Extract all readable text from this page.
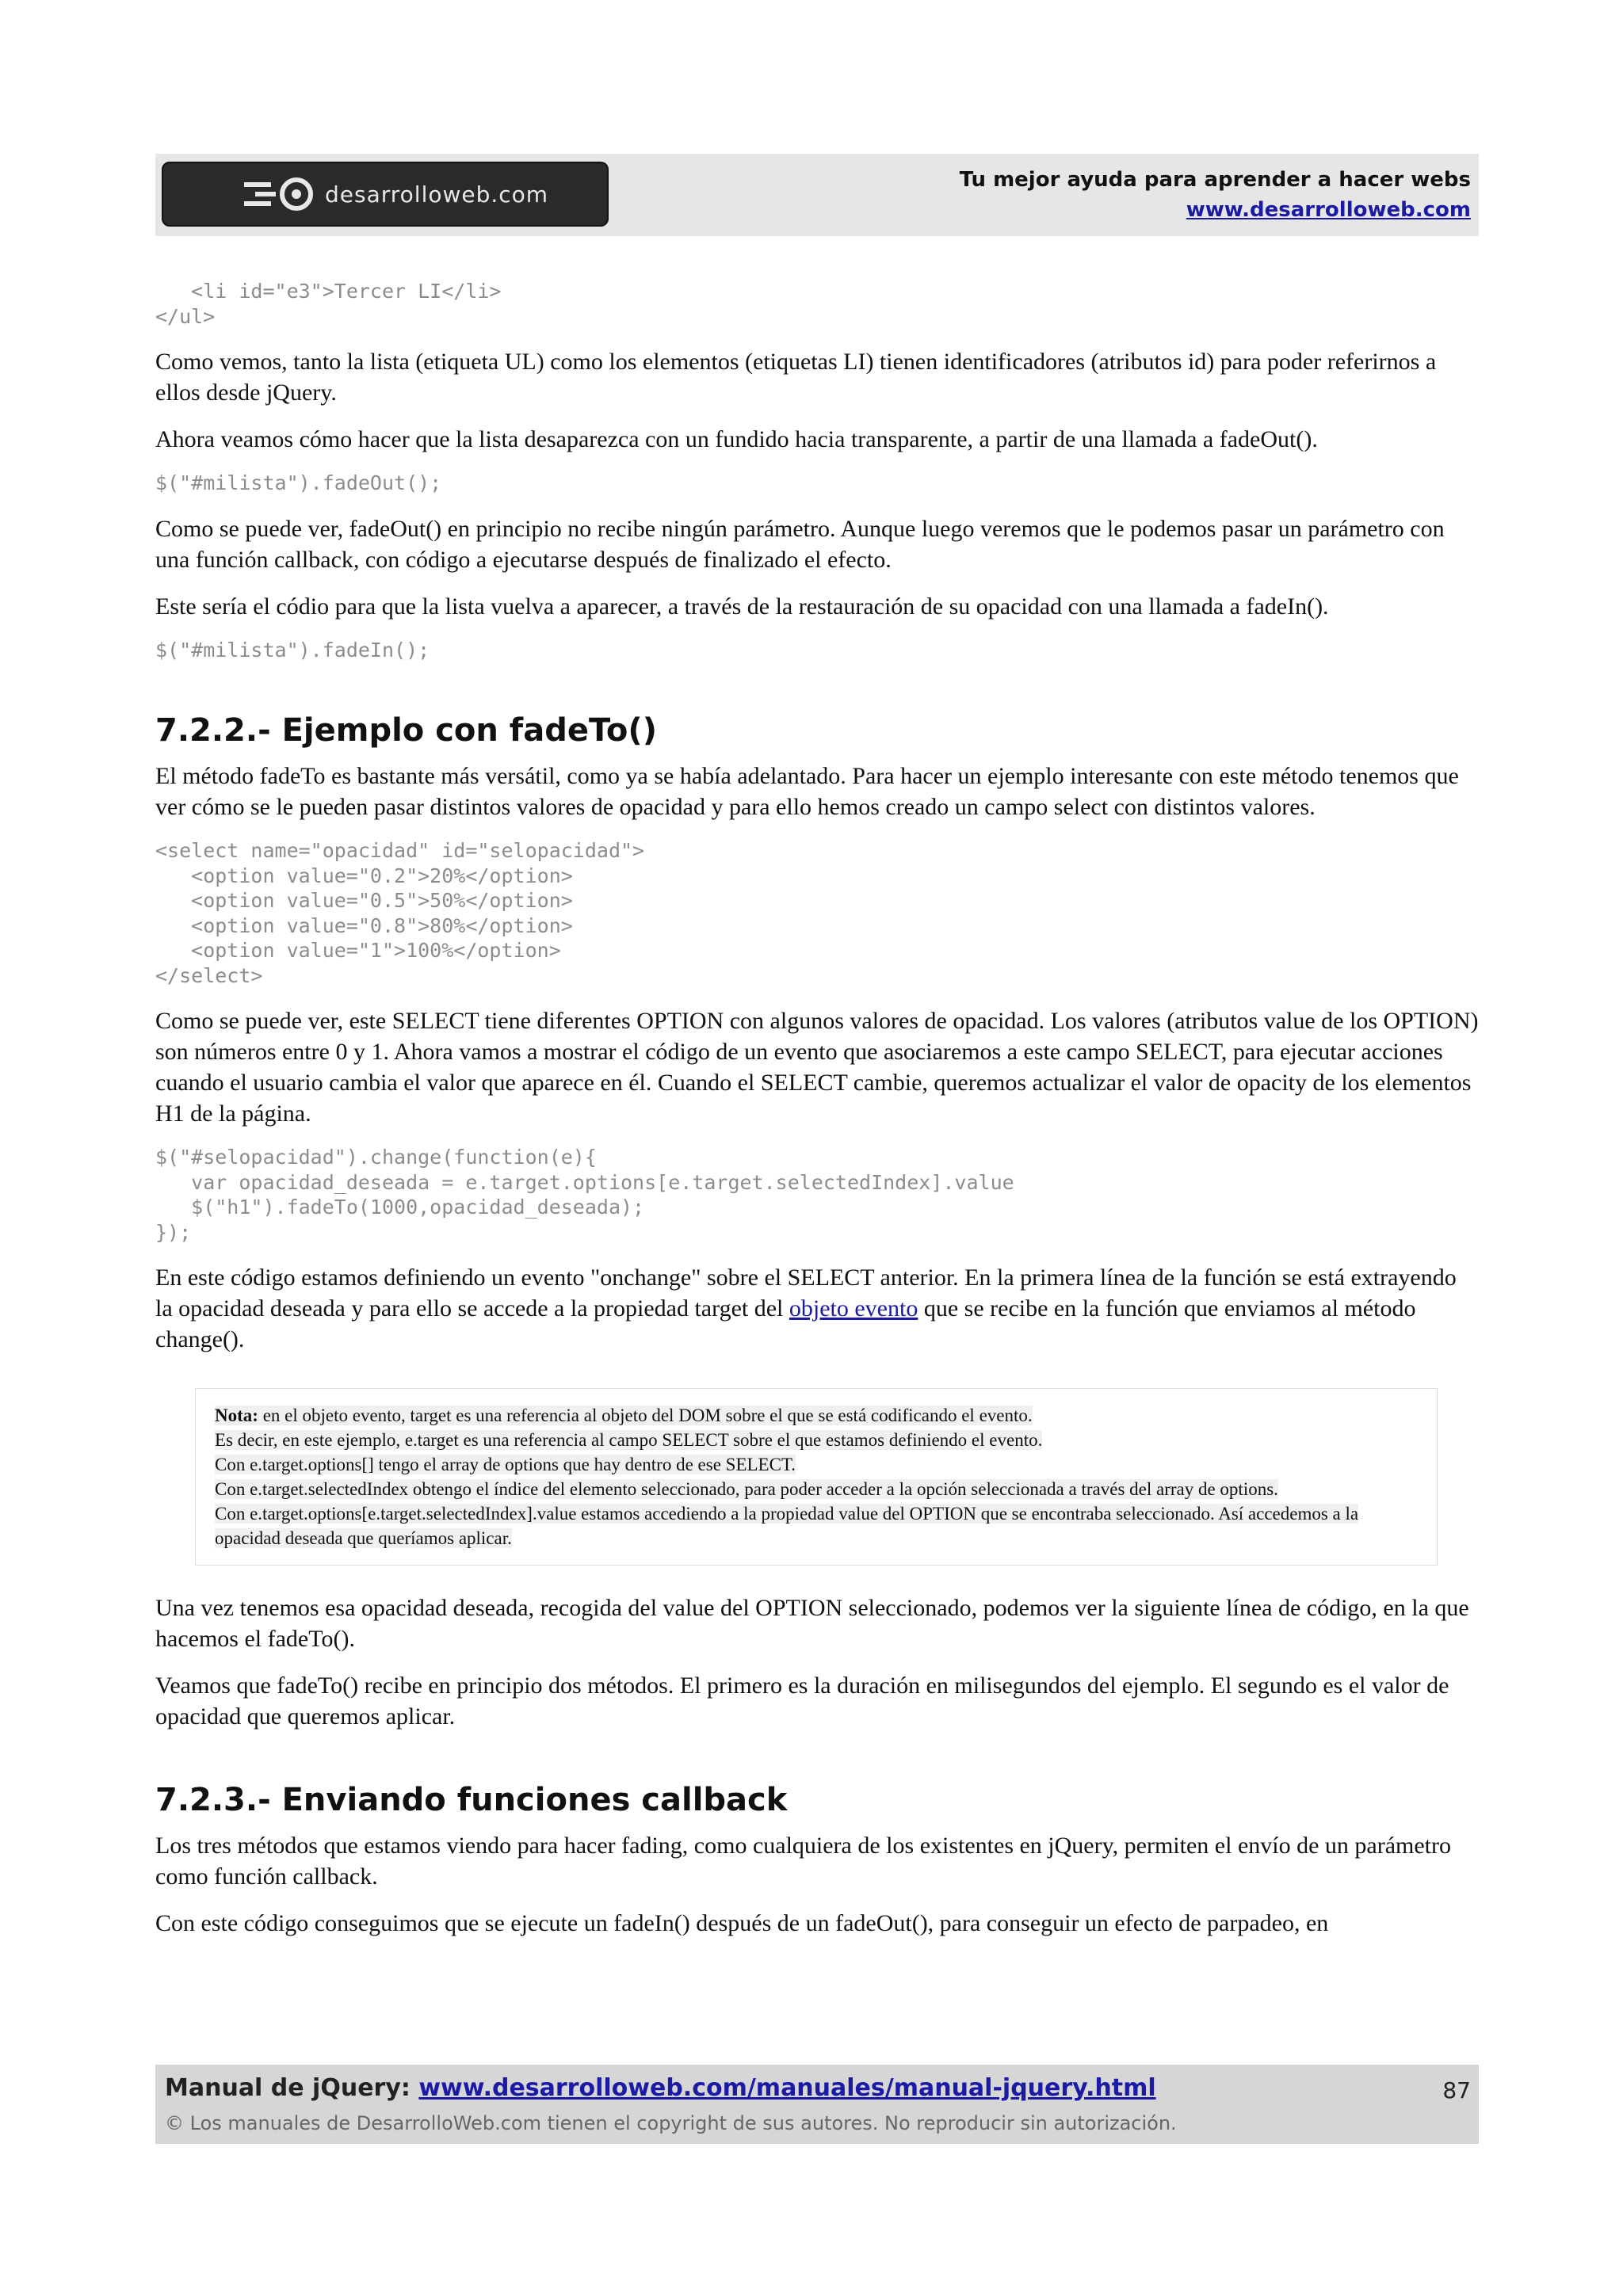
desarrolloweb.com
Tu mejor ayuda para aprender a hacer webs
www.desarrolloweb.com
<li id="e3">Tercer LI</li>
</ul>

Como vemos, tanto la lista (etiqueta UL) como los elementos (etiquetas LI) tienen identificadores (atributos id) para poder referirnos a ellos desde jQuery.

Ahora veamos cómo hacer que la lista desaparezca con un fundido hacia transparente, a partir de una llamada a fadeOut().

$("#milista").fadeOut();

Como se puede ver, fadeOut() en principio no recibe ningún parámetro. Aunque luego veremos que le podemos pasar un parámetro con una función callback, con código a ejecutarse después de finalizado el efecto.

Este sería el códio para que la lista vuelva a aparecer, a través de la restauración de su opacidad con una llamada a fadeIn().

$("#milista").fadeIn();
7.2.2.- Ejemplo con fadeTo()

El método fadeTo es bastante más versátil, como ya se había adelantado. Para hacer un ejemplo interesante con este método tenemos que ver cómo se le pueden pasar distintos valores de opacidad y para ello hemos creado un campo select con distintos valores.

<select name="opacidad" id="selopacidad">
<option value="0.2">20%</option>
<option value="0.5">50%</option>
<option value="0.8">80%</option>
<option value="1">100%</option>
</select>

Como se puede ver, este SELECT tiene diferentes OPTION con algunos valores de opacidad. Los valores (atributos value de los OPTION) son números entre 0 y 1. Ahora vamos a mostrar el código de un evento que asociaremos a este campo SELECT, para ejecutar acciones cuando el usuario cambia el valor que aparece en él. Cuando el SELECT cambie, queremos actualizar el valor de opacity de los elementos H1 de la página.

$("#selopacidad").change(function(e){
var opacidad_deseada = e.target.options[e.target.selectedIndex].value
$("h1").fadeTo(1000,opacidad_deseada);
});

En este código estamos definiendo un evento "onchange" sobre el SELECT anterior. En la primera línea de la función se está extrayendo la opacidad deseada y para ello se accede a la propiedad target del objeto evento que se recibe en la función que enviamos al método change().

Nota: en el objeto evento, target es una referencia al objeto del DOM sobre el que se está codificando el evento.
Es decir, en este ejemplo, e.target es una referencia al campo SELECT sobre el que estamos definiendo el evento.
Con e.target.options[] tengo el array de options que hay dentro de ese SELECT.
Con e.target.selectedIndex obtengo el índice del elemento seleccionado, para poder acceder a la opción seleccionada a través del array de options.
Con e.target.options[e.target.selectedIndex].value estamos accediendo a la propiedad value del OPTION que se encontraba seleccionado. Así accedemos a la opacidad deseada que queríamos aplicar.

Una vez tenemos esa opacidad deseada, recogida del value del OPTION seleccionado, podemos ver la siguiente línea de código, en la que hacemos el fadeTo().

Veamos que fadeTo() recibe en principio dos métodos. El primero es la duración en milisegundos del ejemplo. El segundo es el valor de opacidad que queremos aplicar.

7.2.3.- Enviando funciones callback

Los tres métodos que estamos viendo para hacer fading, como cualquiera de los existentes en jQuery, permiten el envío de un parámetro como función callback.

Con este código conseguimos que se ejecute un fadeIn() después de un fadeOut(), para conseguir un efecto de parpadeo, en

Manual de jQuery: www.desarrolloweb.com/manuales/manual-jquery.html
© Los manuales de DesarrolloWeb.com tienen el copyright de sus autores. No reproducir sin autorización.
87
